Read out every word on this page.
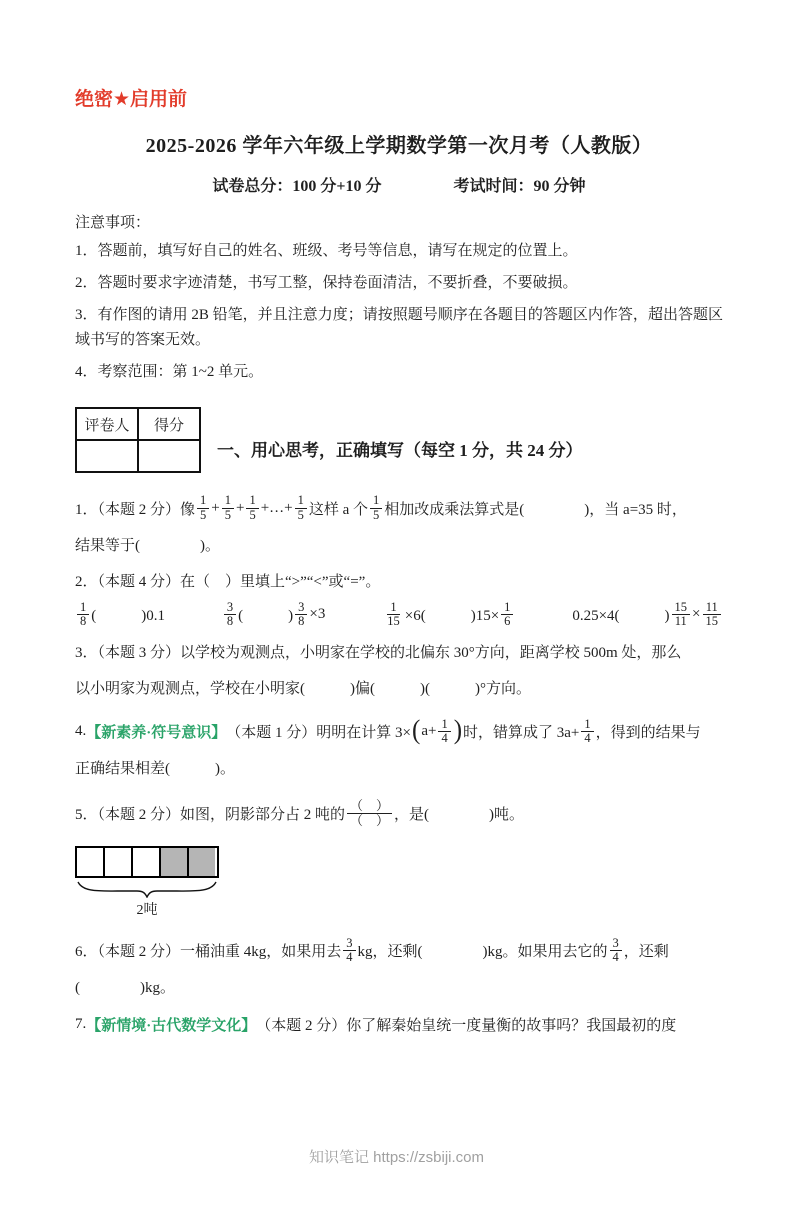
绝密★启用前
2025-2026 学年六年级上学期数学第一次月考（人教版）
试卷总分：100 分+10 分	考试时间：90 分钟
注意事项：
1．答题前，填写好自己的姓名、班级、考号等信息，请写在规定的位置上。
2．答题时要求字迹清楚，书写工整，保持卷面清洁，不要折叠，不要破损。
3．有作图的请用 2B 铅笔，并且注意力度；请按照题号顺序在各题目的答题区内作答，超出答题区域书写的答案无效。
4．考察范围：第 1~2 单元。
评卷人	得分

一、用心思考，正确填写（每空 1 分，共 24 分）
1．（本题 2 分）像 $\frac{1}{5} + \frac{1}{5} + \frac{1}{5}$ +…+ $\frac{1}{5}$ 这样 a 个 $\frac{1}{5}$ 相加改成乘法算式是(　　　　)，当 a=35 时，
结果等于(　　　　)。
2．（本题 4 分）在（　）里填上“>”“<”或“=”。
$\frac{1}{8}$ (　　　)0.1	$\frac{3}{8}$ (　　　) $\frac{3}{8} \times 3$	$\frac{1}{15} \times 6$(　　　)$15\times \frac{1}{6}$	0.25×4(　　　) $\frac{15}{11} \times \frac{11}{15}$
3．（本题 3 分）以学校为观测点，小明家在学校的北偏东 30°方向，距离学校 500m 处，那么
以小明家为观测点，学校在小明家(　　　)偏(　　　)(　　　)°方向。
4. 【新素养·符号意识】 （本题 1 分）明明在计算 3× ( $a+ \frac{1}{4}$ ) 时，错算成了 $3a+ \frac{1}{4}$ ，得到的结果与
正确结果相差(　　　)。
5．（本题 2 分）如图，阴影部分占 2 吨的 $\frac{( )}{( )}$ ，是(　　　　)吨。
2吨
6．（本题 2 分）一桶油重 4kg，如果用去 $\frac{3}{4}$ kg，还剩(　　　　)kg。如果用去它的 $\frac{3}{4}$ ，还剩
(　　　　)kg。
7. 【新情境·古代数学文化】 （本题 2 分）你了解秦始皇统一度量衡的故事吗？我国最初的度
知识笔记 https://zsbiji.com
